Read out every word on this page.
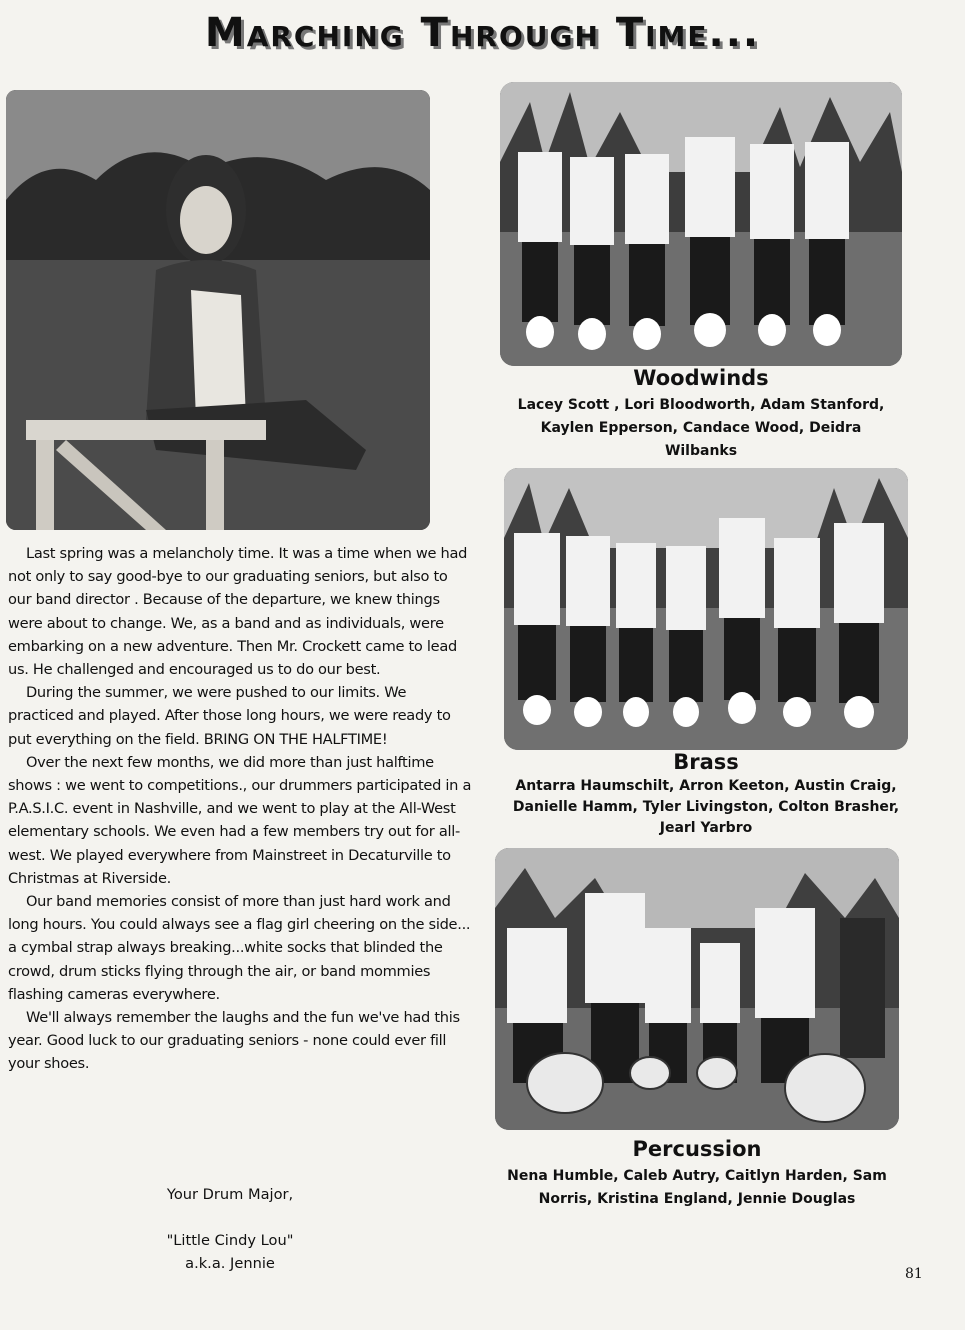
Marching Through Time...
Woodwinds
Lacey Scott , Lori Bloodworth, Adam Stanford, Kaylen Epperson, Candace Wood, Deidra Wilbanks
Brass
Antarra Haumschilt, Arron Keeton, Austin Craig, Danielle Hamm, Tyler Livingston, Colton Brasher, Jearl Yarbro
Percussion
Nena Humble, Caleb Autry, Caitlyn Harden, Sam Norris, Kristina England, Jennie Douglas

Last spring was a melancholy time. It was a time when we had not only to say good-bye to our graduating seniors, but also to our band director . Because of the departure, we knew things were about to change. We, as a band and as individuals, were embarking on a new adventure. Then Mr. Crockett came to lead us. He challenged and encouraged us to do our best.

During the summer, we were pushed to our limits. We practiced and played. After those long hours, we were ready to put everything on the field. BRING ON THE HALFTIME!

Over the next few months, we did more than just halftime shows : we went to competitions., our drummers participated in a P.A.S.I.C. event in Nashville, and we went to play at the All-West elementary schools. We even had a few members try out for all-west. We played everywhere from Mainstreet in Decaturville to Christmas at Riverside.

Our band memories consist of more than just hard work and long hours. You could always see a flag girl cheering on the side... a cymbal strap always breaking...white socks that blinded the crowd, drum sticks flying through the air, or band mommies flashing cameras everywhere.

We'll always remember the laughs and the fun we've had this year. Good luck to our graduating seniors - none could ever fill your shoes.

Your Drum Major,
"Little Cindy Lou"
a.k.a. Jennie
81
